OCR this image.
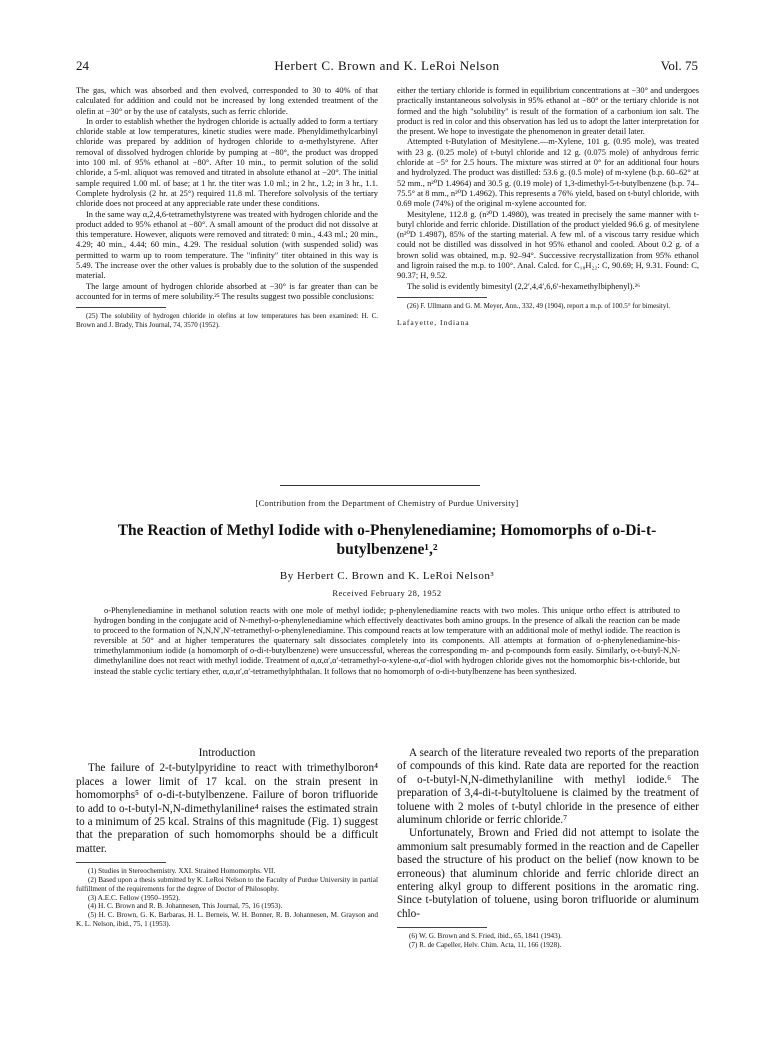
24	Herbert C. Brown and K. LeRoi Nelson	Vol. 75

The gas, which was absorbed and then evolved, corresponded to 30 to 40% of that calculated for addition and could not be increased by long extended treatment of the olefin at −30° or by the use of catalysts, such as ferric chloride.

In order to establish whether the hydrogen chloride is actually added to form a tertiary chloride stable at low temperatures, kinetic studies were made. Phenyldimethylcarbinyl chloride was prepared by addition of hydrogen chloride to α-methylstyrene. After removal of dissolved hydrogen chloride by pumping at −80°, the product was dropped into 100 ml. of 95% ethanol at −80°. After 10 min., to permit solution of the solid chloride, a 5-ml. aliquot was removed and titrated in absolute ethanol at −20°. The initial sample required 1.00 ml. of base; at 1 hr. the titer was 1.0 ml.; in 2 hr., 1.2; in 3 hr., 1.1. Complete hydrolysis (2 hr. at 25°) required 11.8 ml. Therefore solvolysis of the tertiary chloride does not proceed at any appreciable rate under these conditions.

In the same way α,2,4,6-tetramethylstyrene was treated with hydrogen chloride and the product added to 95% ethanol at −80°. A small amount of the product did not dissolve at this temperature. However, aliquots were removed and titrated: 0 min., 4.43 ml.; 20 min., 4.29; 40 min., 4.44; 60 min., 4.29. The residual solution (with suspended solid) was permitted to warm up to room temperature. The "infinity" titer obtained in this way is 5.49. The increase over the other values is probably due to the solution of the suspended material.

The large amount of hydrogen chloride absorbed at −30° is far greater than can be accounted for in terms of mere solubility.²⁵ The results suggest two possible conclusions:

(25) The solubility of hydrogen chloride in olefins at low temperatures has been examined: H. C. Brown and J. Brady, This Journal, 74, 3570 (1952).

either the tertiary chloride is formed in equilibrium concentrations at −30° and undergoes practically instantaneous solvolysis in 95% ethanol at −80° or the tertiary chloride is not formed and the high "solubility" is result of the formation of a carbonium ion salt. The product is red in color and this observation has led us to adopt the latter interpretation for the present. We hope to investigate the phenomenon in greater detail later.

Attempted t-Butylation of Mesitylene.—m-Xylene, 101 g. (0.95 mole), was treated with 23 g. (0.25 mole) of t-butyl chloride and 12 g. (0.075 mole) of anhydrous ferric chloride at −5° for 2.5 hours. The mixture was stirred at 0° for an additional four hours and hydrolyzed. The product was distilled: 53.6 g. (0.5 mole) of m-xylene (b.p. 60–62° at 52 mm., n²⁰D 1.4964) and 30.5 g. (0.19 mole) of 1,3-dimethyl-5-t-butylbenzene (b.p. 74–75.5° at 8 mm., n²⁰D 1.4962). This represents a 76% yield, based on t-butyl chloride, with 0.69 mole (74%) of the original m-xylene accounted for.

Mesitylene, 112.8 g. (n²⁰D 1.4980), was treated in precisely the same manner with t-butyl chloride and ferric chloride. Distillation of the product yielded 96.6 g. of mesitylene (n²⁰D 1.4987), 85% of the starting material. A few ml. of a viscous tarry residue which could not be distilled was dissolved in hot 95% ethanol and cooled. About 0.2 g. of a brown solid was obtained, m.p. 92–94°. Successive recrystallization from 95% ethanol and ligroin raised the m.p. to 100°. Anal. Calcd. for C₁₈H₂₂: C, 90.69; H, 9.31. Found: C, 90.37; H, 9.52.

The solid is evidently bimesityl (2,2′,4,4′,6,6′-hexamethylbiphenyl).²⁶

(26) F. Ullmann and G. M. Meyer, Ann., 332, 49 (1904), report a m.p. of 100.5° for bimesityl.

Lafayette, Indiana
[Contribution from the Department of Chemistry of Purdue University]
The Reaction of Methyl Iodide with o-Phenylenediamine; Homomorphs of o-Di-t-butylbenzene¹,²
By Herbert C. Brown and K. LeRoi Nelson³
Received February 28, 1952
o-Phenylenediamine in methanol solution reacts with one mole of methyl iodide; p-phenylenediamine reacts with two moles. This unique ortho effect is attributed to hydrogen bonding in the conjugate acid of N-methyl-o-phenylenediamine which effectively deactivates both amino groups. In the presence of alkali the reaction can be made to proceed to the formation of N,N,N′,N′-tetramethyl-o-phenylenediamine. This compound reacts at low temperature with an additional mole of methyl iodide. The reaction is reversible at 50° and at higher temperatures the quaternary salt dissociates completely into its components. All attempts at formation of o-phenylenediamine-bis-trimethylammonium iodide (a homomorph of o-di-t-butylbenzene) were unsuccessful, whereas the corresponding m- and p-compounds form easily. Similarly, o-t-butyl-N,N-dimethylaniline does not react with methyl iodide. Treatment of α,α,α′,α′-tetramethyl-o-xylene-α,α′-diol with hydrogen chloride gives not the homomorphic bis-t-chloride, but instead the stable cyclic tertiary ether, α,α,α′,α′-tetramethylphthalan. It follows that no homomorph of o-di-t-butylbenzene has been synthesized.
Introduction

The failure of 2-t-butylpyridine to react with trimethylboron⁴ places a lower limit of 17 kcal. on the strain present in homomorphs⁵ of o-di-t-butylbenzene. Failure of boron trifluoride to add to o-t-butyl-N,N-dimethylaniline⁴ raises the estimated strain to a minimum of 25 kcal. Strains of this magnitude (Fig. 1) suggest that the preparation of such homomorphs should be a difficult matter.

(1) Studies in Stereochemistry. XXI. Strained Homomorphs. VII.

(2) Based upon a thesis submitted by K. LeRoi Nelson to the Faculty of Purdue University in partial fulfillment of the requirements for the degree of Doctor of Philosophy.

(3) A.E.C. Fellow (1950–1952).

(4) H. C. Brown and R. B. Johannesen, This Journal, 75, 16 (1953).

(5) H. C. Brown, G. K. Barbaras, H. L. Berneis, W. H. Bonner, R. B. Johannesen, M. Grayson and K. L. Nelson, ibid., 75, 1 (1953).

A search of the literature revealed two reports of the preparation of compounds of this kind. Rate data are reported for the reaction of o-t-butyl-N,N-dimethylaniline with methyl iodide.⁶ The preparation of 3,4-di-t-butyltoluene is claimed by the treatment of toluene with 2 moles of t-butyl chloride in the presence of either aluminum chloride or ferric chloride.⁷

Unfortunately, Brown and Fried did not attempt to isolate the ammonium salt presumably formed in the reaction and de Capeller based the structure of his product on the belief (now known to be erroneous) that aluminum chloride and ferric chloride direct an entering alkyl group to different positions in the aromatic ring. Since t-butylation of toluene, using boron trifluoride or aluminum chlo-

(6) W. G. Brown and S. Fried, ibid., 65, 1841 (1943).

(7) R. de Capeller, Helv. Chim. Acta, 11, 166 (1928).
